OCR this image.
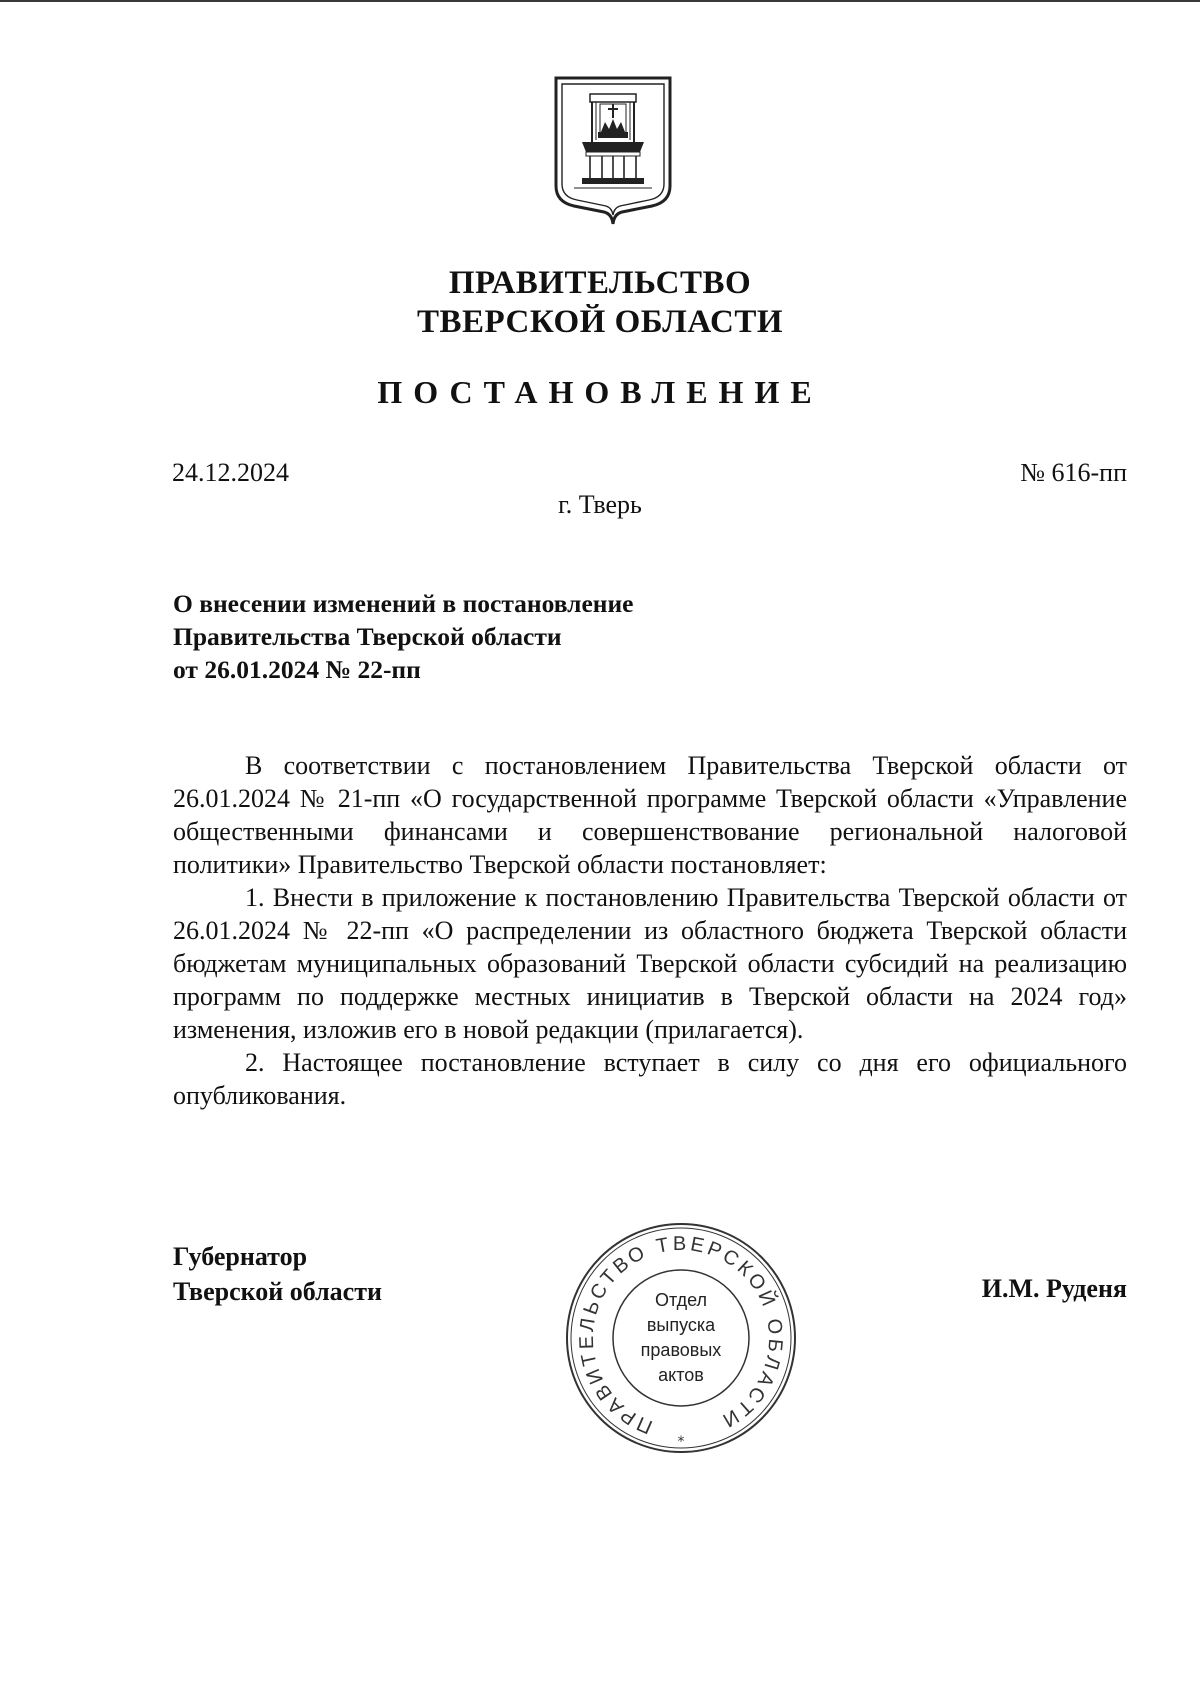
ПРАВИТЕЛЬСТВО
ТВЕРСКОЙ ОБЛАСТИ
ПОСТАНОВЛЕНИЕ
24.12.2024	№ 616-пп
г. Тверь
О внесении изменений в постановление
Правительства Тверской области
от 26.01.2024 № 22-пп

В соответствии с постановлением Правительства Тверской области от 26.01.2024 № 21-пп «О государственной программе Тверской области «Управление общественными финансами и совершенствование региональной налоговой политики» Правительство Тверской области постановляет:

1. Внести в приложение к постановлению Правительства Тверской области от 26.01.2024 № 22-пп «О распределении из областного бюджета Тверской области бюджетам муниципальных образований Тверской области субсидий на реализацию программ по поддержке местных инициатив в Тверской области на 2024 год» изменения, изложив его в новой редакции (прилагается).

2. Настоящее постановление вступает в силу со дня его официального опубликования.

Губернатор
Тверской области
ПРАВИТЕЛЬСТВО ТВЕРСКОЙ ОБЛАСТИ
*
Отдел
выпуска
правовых
актов
И.М. Руденя
